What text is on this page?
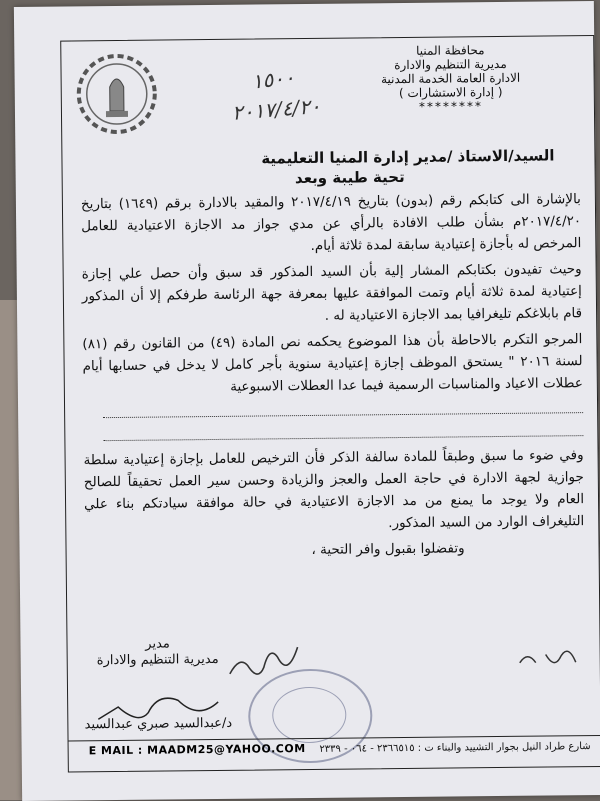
محافظة المنيا
مديرية التنظيم والادارة
الادارة العامة الخدمة المدنية
( إدارة الاستشارات )
********
١٥٠٠
٢٠١٧/٤/٢٠
السيد/الاستاذ /مدير إدارة المنيا التعليمية
تحية طيبة وبعد

بالإشارة الى كتابكم رقم (بدون) بتاريخ ٢٠١٧/٤/١٩ والمقيد بالادارة برقم (١٦٤٩) بتاريخ ٢٠١٧/٤/٢٠م بشأن طلب الافادة بالرأي عن مدي جواز مد الاجازة الاعتيادية للعامل المرخص له بأجازة إعتيادية سابقة لمدة ثلاثة أيام.

وحيث تفيدون بكتابكم المشار إلية بأن السيد المذكور قد سبق وأن حصل علي إجازة إعتيادية لمدة ثلاثة أيام وتمت الموافقة عليها بمعرفة جهة الرئاسة طرفكم إلا أن المذكور قام بابلاغكم تليغرافيا بمد الاجازة الاعتيادية له .

المرجو التكرم بالاحاطة بأن هذا الموضوع يحكمه نص المادة (٤٩) من القانون رقم (٨١) لسنة ٢٠١٦ " يستحق الموظف إجازة إعتيادية سنوية بأجر كامل لا يدخل في حسابها أيام عطلات الاعياد والمناسبات الرسمية فيما عدا العطلات الاسبوعية

وفي ضوء ما سبق وطبقاً للمادة سالفة الذكر فأن الترخيص للعامل بإجازة إعتيادية سلطة جوازية لجهة الادارة في حاجة العمل والعجز والزيادة وحسن سير العمل تحقيقاً للصالح العام ولا يوجد ما يمنع من مد الاجازة الاعتيادية في حالة موافقة سيادتكم بناء علي التليغراف الوارد من السيد المذكور.

وتفضلوا بقبول وافر التحية ،

مدير
مديرية التنظيم والادارة
د/عبدالسيد صبري عبدالسيد
E MAIL : MAADM25@YAHOO.COM شارع طراد النيل بجوار التشييد والبناء ت : ٢٣٦٦٥١٥ - ٠٦٤ - ٢٣٣٩
